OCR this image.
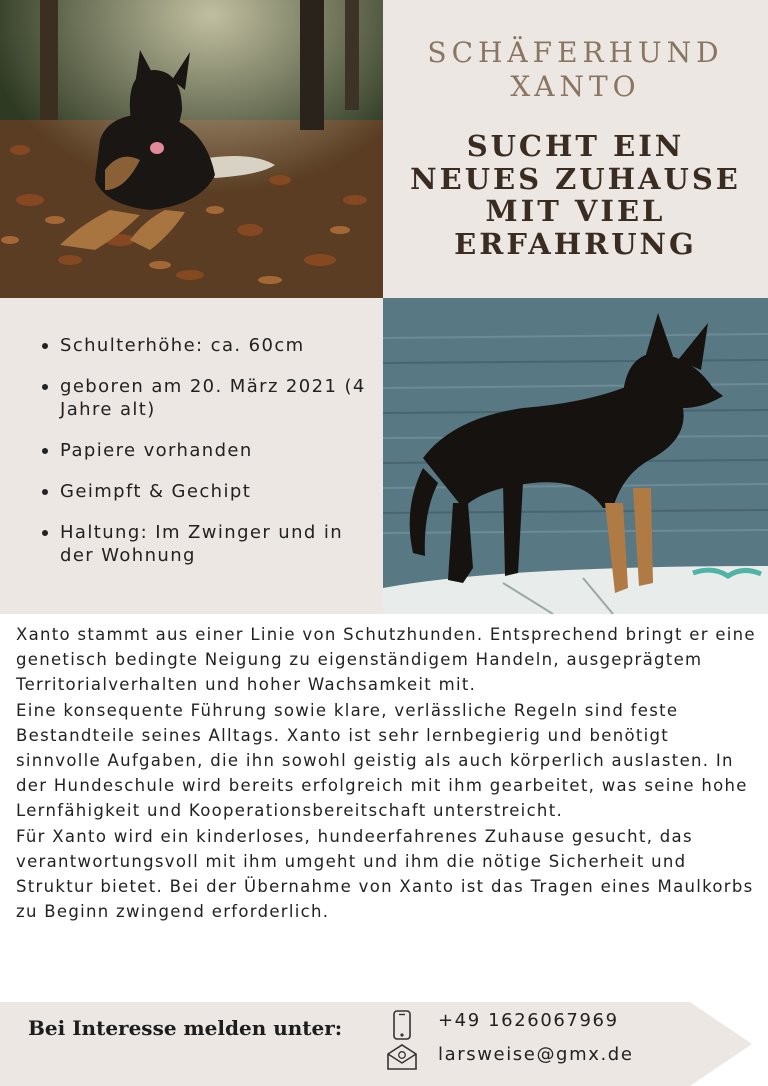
SCHÄFERHUND
XANTO
SUCHT EIN
NEUES ZUHAUSE
MIT VIEL
ERFAHRUNG
Schulterhöhe: ca. 60cm
geboren am 20. März 2021 (4 Jahre alt)
Papiere vorhanden
Geimpft & Gechipt
Haltung: Im Zwinger und in der Wohnung

Xanto stammt aus einer Linie von Schutzhunden. Entsprechend bringt er eine genetisch bedingte Neigung zu eigenständigem Handeln, ausgeprägtem Territorialverhalten und hoher Wachsamkeit mit.

Eine konsequente Führung sowie klare, verlässliche Regeln sind feste Bestandteile seines Alltags. Xanto ist sehr lernbegierig und benötigt sinnvolle Aufgaben, die ihn sowohl geistig als auch körperlich auslasten. In der Hundeschule wird bereits erfolgreich mit ihm gearbeitet, was seine hohe Lernfähigkeit und Kooperationsbereitschaft unterstreicht.

Für Xanto wird ein kinderloses, hundeerfahrenes Zuhause gesucht, das verantwortungsvoll mit ihm umgeht und ihm die nötige Sicherheit und Struktur bietet. Bei der Übernahme von Xanto ist das Tragen eines Maulkorbs zu Beginn zwingend erforderlich.

Bei Interesse melden unter:	+49 1626067969
larsweise@gmx.de
